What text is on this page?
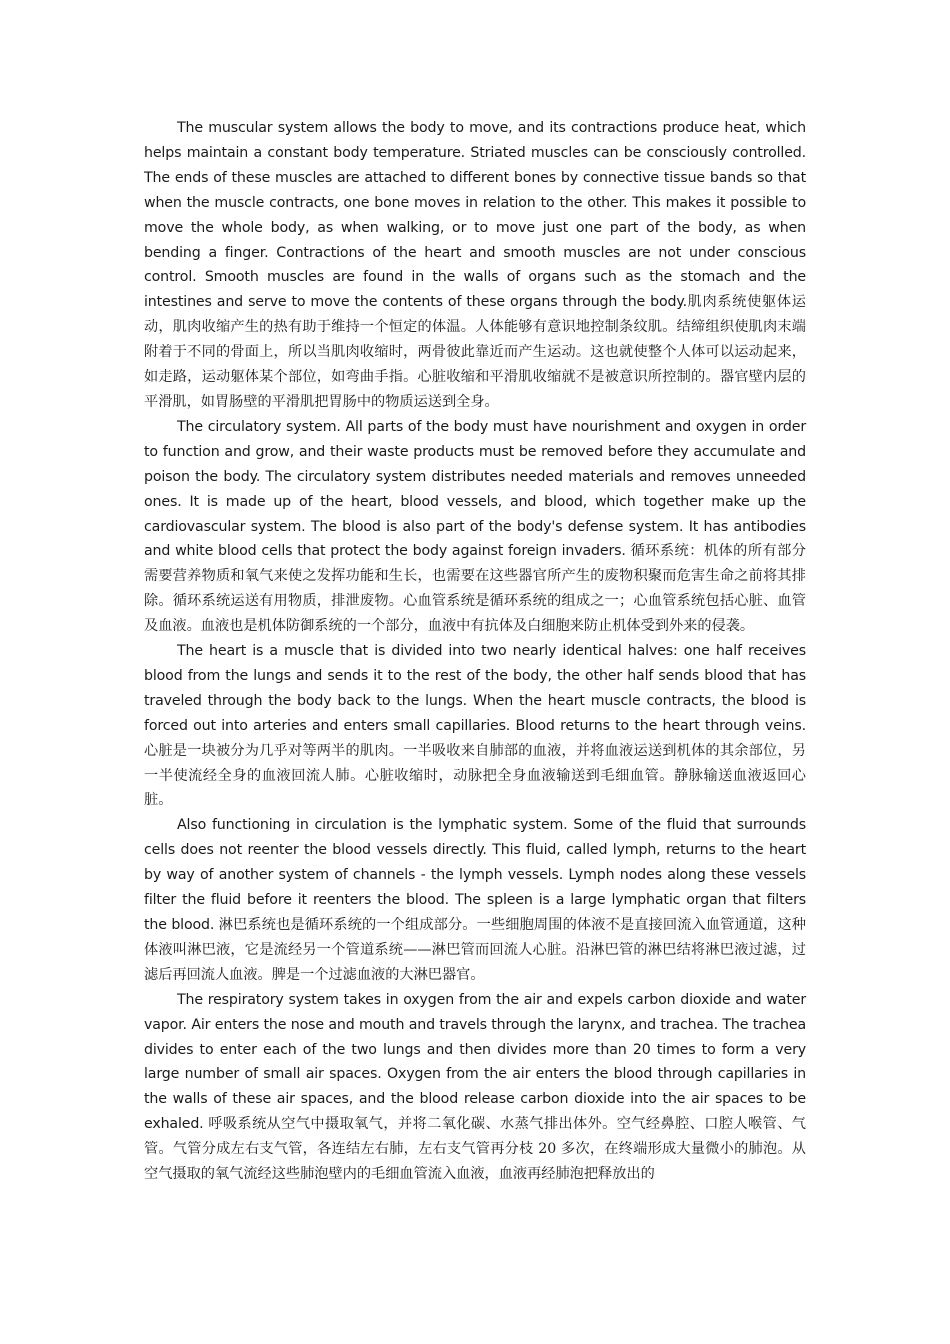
The muscular system allows the body to move, and its contractions produce heat, which helps maintain a constant body temperature. Striated muscles can be consciously controlled. The ends of these muscles are attached to different bones by connective tissue bands so that when the muscle contracts, one bone moves in relation to the other. This makes it possible to move the whole body, as when walking, or to move just one part of the body, as when bending a finger. Contractions of the heart and smooth muscles are not under conscious control. Smooth muscles are found in the walls of organs such as the stomach and the intestines and serve to move the contents of these organs through the body.肌肉系统使躯体运动，肌肉收缩产生的热有助于维持一个恒定的体温。人体能够有意识地控制条纹肌。结缔组织使肌肉末端附着于不同的骨面上，所以当肌肉收缩时，两骨彼此靠近而产生运动。这也就使整个人体可以运动起来，如走路，运动躯体某个部位，如弯曲手指。心脏收缩和平滑肌收缩就不是被意识所控制的。器官壁内层的平滑肌，如胃肠壁的平滑肌把胃肠中的物质运送到全身。

The circulatory system. All parts of the body must have nourishment and oxygen in order to function and grow, and their waste products must be removed before they accumulate and poison the body. The circulatory system distributes needed materials and removes unneeded ones. It is made up of the heart, blood vessels, and blood, which together make up the cardiovascular system. The blood is also part of the body's defense system. It has antibodies and white blood cells that protect the body against foreign invaders. 循环系统：机体的所有部分需要营养物质和氧气来使之发挥功能和生长，也需要在这些器官所产生的废物积聚而危害生命之前将其排除。循环系统运送有用物质，排泄废物。心血管系统是循环系统的组成之一；心血管系统包括心脏、血管及血液。血液也是机体防御系统的一个部分，血液中有抗体及白细胞来防止机体受到外来的侵袭。

The heart is a muscle that is divided into two nearly identical halves: one half receives blood from the lungs and sends it to the rest of the body, the other half sends blood that has traveled through the body back to the lungs. When the heart muscle contracts, the blood is forced out into arteries and enters small capillaries. Blood returns to the heart through veins. 心脏是一块被分为几乎对等两半的肌肉。一半吸收来自肺部的血液，并将血液运送到机体的其余部位，另一半使流经全身的血液回流人肺。心脏收缩时，动脉把全身血液输送到毛细血管。静脉输送血液返回心脏。

Also functioning in circulation is the lymphatic system. Some of the fluid that surrounds cells does not reenter the blood vessels directly. This fluid, called lymph, returns to the heart by way of another system of channels - the lymph vessels. Lymph nodes along these vessels filter the fluid before it reenters the blood. The spleen is a large lymphatic organ that filters the blood. 淋巴系统也是循环系统的一个组成部分。一些细胞周围的体液不是直接回流入血管通道，这种体液叫淋巴液，它是流经另一个管道系统——淋巴管而回流人心脏。沿淋巴管的淋巴结将淋巴液过滤，过滤后再回流人血液。脾是一个过滤血液的大淋巴器官。

The respiratory system takes in oxygen from the air and expels carbon dioxide and water vapor. Air enters the nose and mouth and travels through the larynx, and trachea. The trachea divides to enter each of the two lungs and then divides more than 20 times to form a very large number of small air spaces. Oxygen from the air enters the blood through capillaries in the walls of these air spaces, and the blood release carbon dioxide into the air spaces to be exhaled. 呼吸系统从空气中摄取氧气，并将二氧化碳、水蒸气排出体外。空气经鼻腔、口腔人喉管、气管。气管分成左右支气管，各连结左右肺，左右支气管再分枝 20 多次，在终端形成大量微小的肺泡。从空气摄取的氧气流经这些肺泡壁内的毛细血管流入血液，血液再经肺泡把释放出的
